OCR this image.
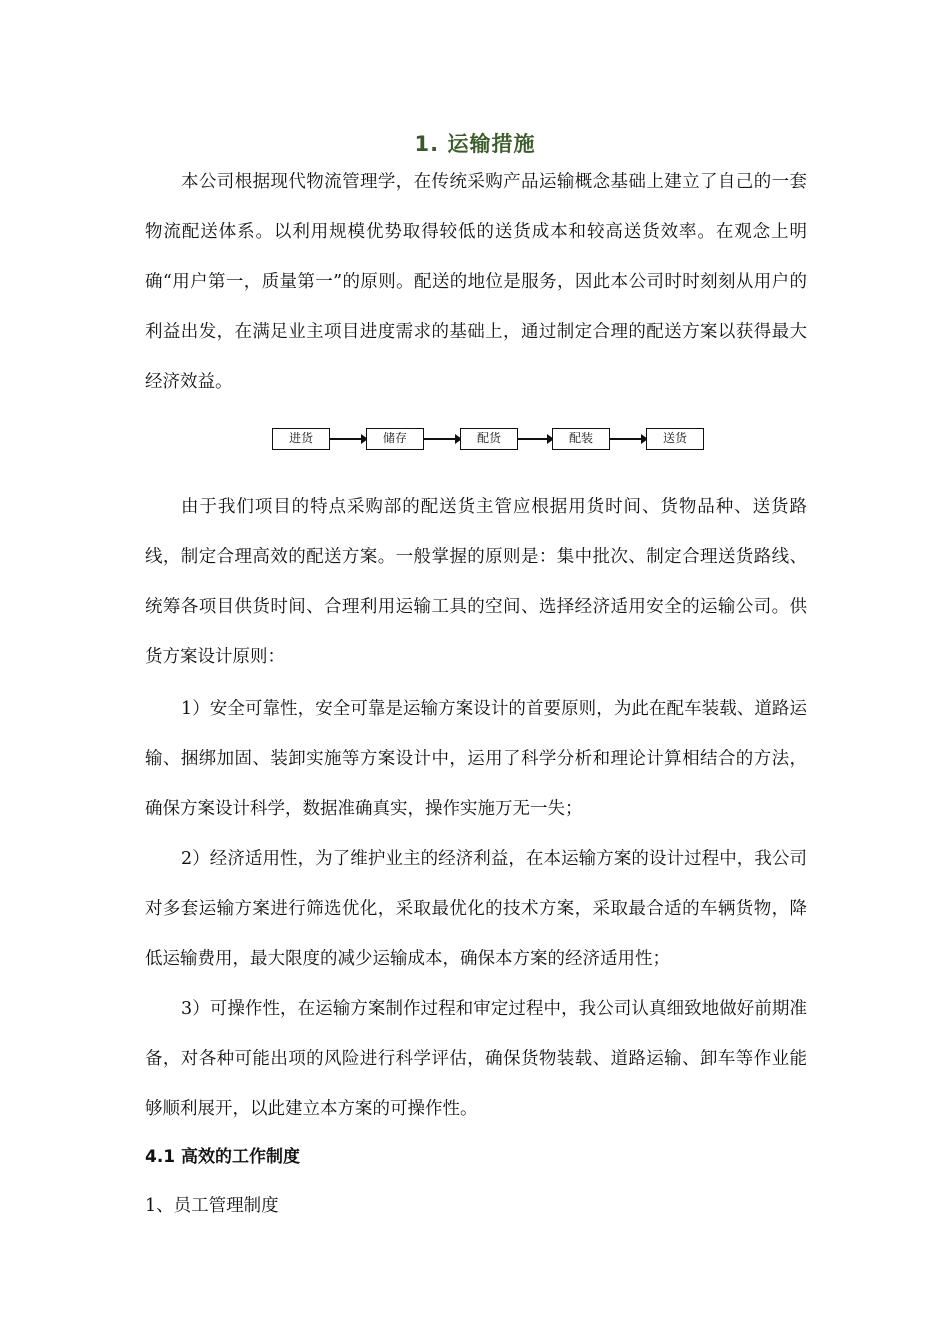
1. 运输措施

本公司根据现代物流管理学，在传统采购产品运输概念基础上建立了自己的一套物流配送体系。以利用规模优势取得较低的送货成本和较高送货效率。在观念上明确“用户第一，质量第一”的原则。配送的地位是服务，因此本公司时时刻刻从用户的利益出发，在满足业主项目进度需求的基础上，通过制定合理的配送方案以获得最大经济效益。

进货	储存	配货	配装	送货

由于我们项目的特点采购部的配送货主管应根据用货时间、货物品种、送货路线，制定合理高效的配送方案。一般掌握的原则是：集中批次、制定合理送货路线、统筹各项目供货时间、合理利用运输工具的空间、选择经济适用安全的运输公司。供货方案设计原则：

1）安全可靠性，安全可靠是运输方案设计的首要原则，为此在配车装载、道路运输、捆绑加固、装卸实施等方案设计中，运用了科学分析和理论计算相结合的方法，确保方案设计科学，数据准确真实，操作实施万无一失；

2）经济适用性，为了维护业主的经济利益，在本运输方案的设计过程中，我公司对多套运输方案进行筛选优化，采取最优化的技术方案，采取最合适的车辆货物，降低运输费用，最大限度的减少运输成本，确保本方案的经济适用性；

3）可操作性，在运输方案制作过程和审定过程中，我公司认真细致地做好前期准备，对各种可能出项的风险进行科学评估，确保货物装载、道路运输、卸车等作业能够顺利展开，以此建立本方案的可操作性。

4.1 高效的工作制度

1、员工管理制度
